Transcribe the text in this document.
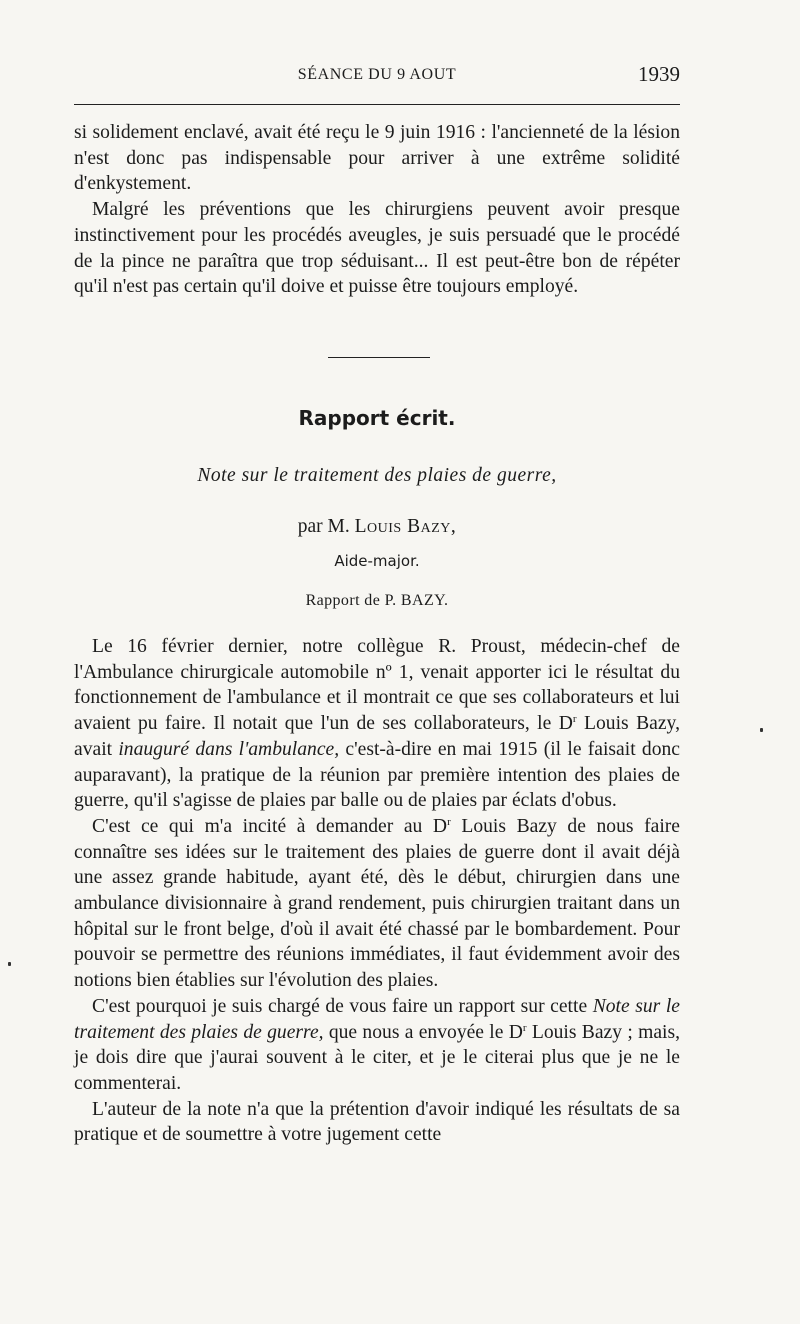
SÉANCE DU 9 AOUT	1939

si solidement enclavé, avait été reçu le 9 juin 1916 : l'ancienneté de la lésion n'est donc pas indispensable pour arriver à une extrême solidité d'enkystement.

Malgré les préventions que les chirurgiens peuvent avoir presque instinctivement pour les procédés aveugles, je suis persuadé que le procédé de la pince ne paraîtra que trop séduisant... Il est peut-être bon de répéter qu'il n'est pas certain qu'il doive et puisse être toujours employé.

Rapport écrit.
Note sur le traitement des plaies de guerre,
par M. Louis Bazy,
Aide-major.
Rapport de P. BAZY.

Le 16 février dernier, notre collègue R. Proust, médecin-chef de l'Ambulance chirurgicale automobile nº 1, venait apporter ici le résultat du fonctionnement de l'ambulance et il montrait ce que ses collaborateurs et lui avaient pu faire. Il notait que l'un de ses collaborateurs, le $D^r$ Louis Bazy, avait inauguré dans l'ambulance, c'est-à-dire en mai 1915 (il le faisait donc auparavant), la pratique de la réunion par première intention des plaies de guerre, qu'il s'agisse de plaies par balle ou de plaies par éclats d'obus.

C'est ce qui m'a incité à demander au $D^r$ Louis Bazy de nous faire connaître ses idées sur le traitement des plaies de guerre dont il avait déjà une assez grande habitude, ayant été, dès le début, chirurgien dans une ambulance divisionnaire à grand rendement, puis chirurgien traitant dans un hôpital sur le front belge, d'où il avait été chassé par le bombardement. Pour pouvoir se permettre des réunions immédiates, il faut évidemment avoir des notions bien établies sur l'évolution des plaies.

C'est pourquoi je suis chargé de vous faire un rapport sur cette Note sur le traitement des plaies de guerre, que nous a envoyée le $D^r$ Louis Bazy ; mais, je dois dire que j'aurai souvent à le citer, et je le citerai plus que je ne le commenterai.

L'auteur de la note n'a que la prétention d'avoir indiqué les résultats de sa pratique et de soumettre à votre jugement cette
